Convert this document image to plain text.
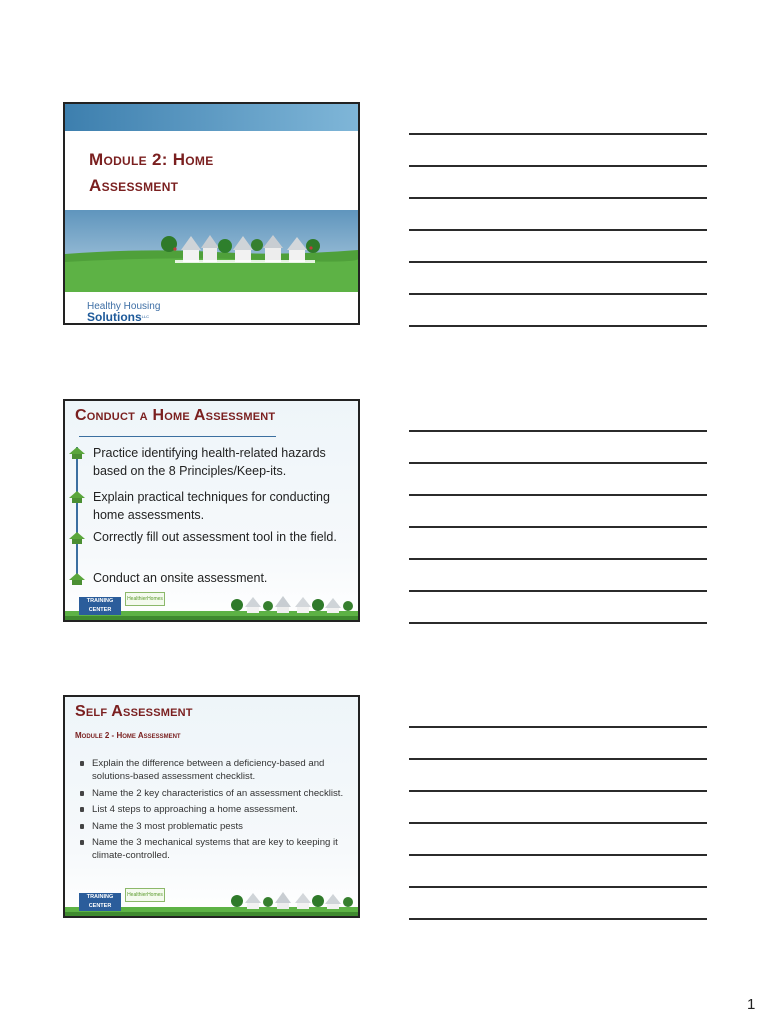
Module 2: Home
Assessment
Healthy Housing
Solutions$^{LLC}$
Conduct a Home Assessment
Practice identifying health-related hazards based on the 8 Principles/Keep-its.
Explain practical techniques for conducting home assessments.
Correctly fill out assessment tool in the field.
Conduct an onsite assessment.
TRAINING CENTER
HealthierHomes
Self Assessment
Module 2 - Home Assessment
Explain the difference between a deficiency-based and solutions-based assessment checklist.
Name the 2 key characteristics of an assessment checklist.
List 4 steps to approaching a home assessment.
Name the 3 most problematic pests
Name the 3 mechanical systems that are key to keeping it climate-controlled.
TRAINING CENTER
HealthierHomes
1
